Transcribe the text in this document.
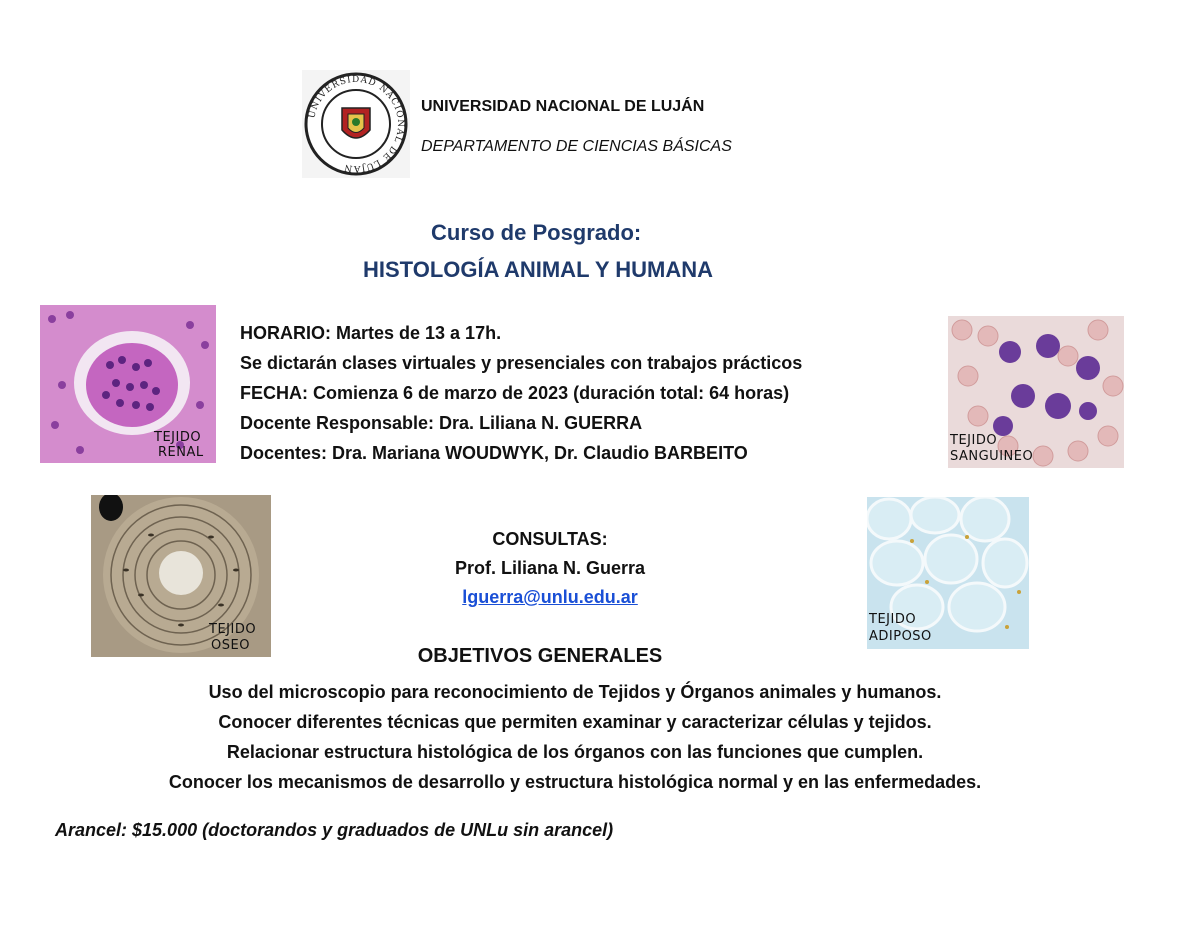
UNIVERSIDAD NACIONAL DE LUJAN
UNIVERSIDAD NACIONAL DE LUJÁN
DEPARTAMENTO DE CIENCIAS BÁSICAS
Curso de Posgrado:
HISTOLOGÍA ANIMAL Y HUMANA
TEJIDO
RENAL
TEJIDO
SANGUINEO
TEJIDO
OSEO
TEJIDO
ADIPOSO
HORARIO: Martes de 13 a 17h.
Se dictarán clases virtuales y presenciales con trabajos prácticos
FECHA: Comienza 6 de marzo de 2023 (duración total: 64 horas)
Docente Responsable: Dra. Liliana N. GUERRA
Docentes: Dra. Mariana WOUDWYK, Dr. Claudio BARBEITO
CONSULTAS:
Prof. Liliana N. Guerra
lguerra@unlu.edu.ar
OBJETIVOS GENERALES
Uso del microscopio para reconocimiento de Tejidos y Órganos animales y humanos.
Conocer diferentes técnicas que permiten examinar y caracterizar células y tejidos.
Relacionar estructura histológica de los órganos con las funciones que cumplen.
Conocer los mecanismos de desarrollo y estructura histológica normal y en las enfermedades.
Arancel: $15.000 (doctorandos y graduados de UNLu sin arancel)
